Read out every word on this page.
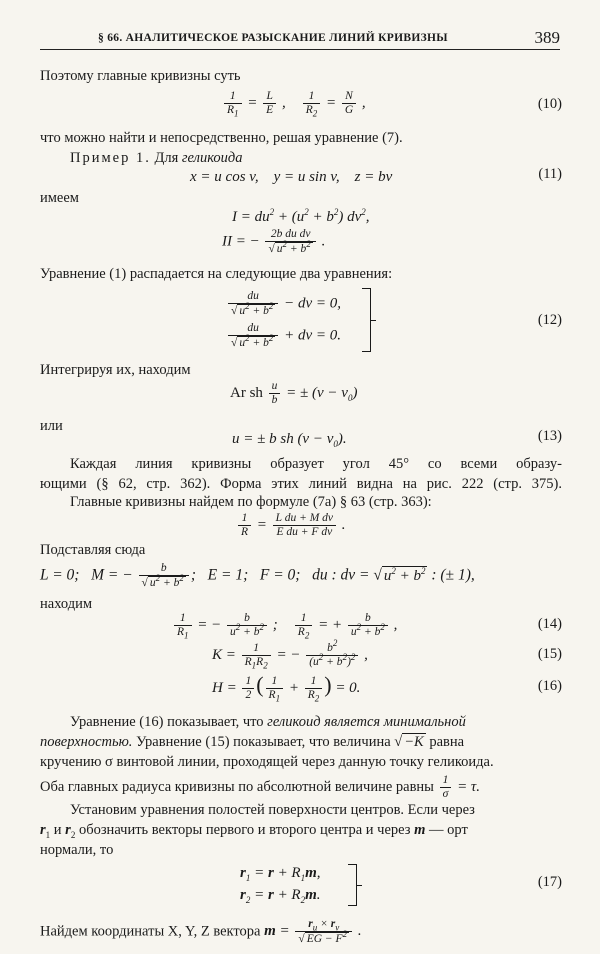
§ 66. АНАЛИТИЧЕСКОЕ РАЗЫСКАНИЕ ЛИНИЙ КРИВИЗНЫ	389
Поэтому главные кривизны суть
$\frac{1}{R_1} = \frac{L}{E}$ , $\frac{1}{R_2} = \frac{N}{G}$ ,	(10)
что можно найти и непосредственно, решая уравнение (7).
Пример 1. Для геликоида
x = u cos v,    y = u sin v,    z = bv	(11)
имеем
$I = du^2 + (u^2 + b^2)$ $dv^2$,
II = − $\frac{\text{2b du dv}}{√ u^2 + b^2}$ .
Уравнение (1) распадается на следующие два уравнения:
$\frac{du}{√ u^2 + b^2}$ − dv = 0,
$\frac{du}{√ u^2 + b^2}$ + dv = 0.
(12)
Интегрируя их, находим
Ar sh $\frac{u}{b}$ = ± $(v - v_0)$
или
u = ± b sh $(v - v_0)$.	(13)
Каждая линия кривизны образует угол 45° со всеми образу-
ющими (§ 62, стр. 362). Форма этих линий видна на рис. 222 (стр. 375).
Главные кривизны найдем по формуле (7а) § 63 (стр. 363):
$\frac{1}{R} = \frac{\text{L du + M dv}}{\text{E du + F dv}}$ .
Подставляя сюда
L = 0;   M = − $\frac{b}{√ u^2 + b^2}$ ;   E = 1;   F = 0;   du : dv = √ $u^2 + b^2$ : (± 1),
находим
$\frac{1}{R_1}$ = − $\frac{b}{u^2 + b^2}$ ; $\frac{1}{R_2}$ = + $\frac{b}{u^2 + b^2}$ ,	(14)
$K = \frac{1}{R_1R_2}$ = − $\frac{b^2}{(u^2 + b^2)^2}$ ,	(15)
$H = \frac{1}{2}$ ( $\frac{1}{R_1} + \frac{1}{R_2}$ ) = 0.	(16)
Уравнение (16) показывает, что геликоид является минимальной
поверхностью. Уравнение (15) показывает, что величина √ −K равна
кручению σ винтовой линии, проходящей через данную точку геликоида.
Оба главных радиуса кривизны по абсолютной величине равны $\frac{1}{\sigma} = \tau$.
Установим уравнения полостей поверхности центров. Если через
$r_1$ и $r_2$ обозначить векторы первого и второго центра и через m — орт
нормали, то
$r_1 = r + R_1m$,
$r_2 = r + R_2m$.
(17)
Найдем координаты X, Y, Z вектора $m = \frac{r_u \times r_v}{√ EG - F^2}$ .
